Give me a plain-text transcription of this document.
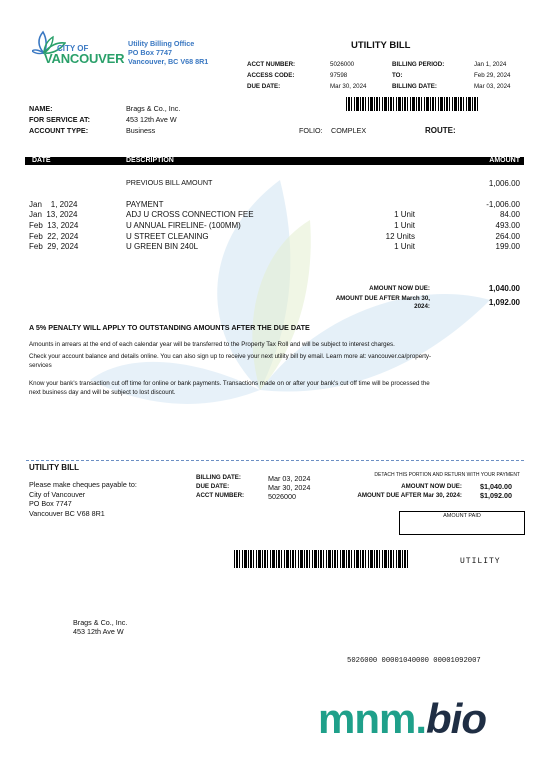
CITY OF
VANCOUVER
Utility Billing Office
PO Box 7747
Vancouver, BC V68 8R1
UTILITY BILL
ACCT NUMBER:	5026000
ACCESS CODE:	97598
DUE DATE:	Mar 30, 2024
BILLING PERIOD:	Jan 1, 2024
TO:	Feb 29, 2024
BILLING DATE:	Mar 03, 2024
NAME:	Brags & Co., Inc.
FOR SERVICE AT:	453 12th Ave W
ACCOUNT TYPE:	Business	FOLIO: COMPLEX	ROUTE:
DATE	DESCRIPTION	AMOUNT
PREVIOUS BILL AMOUNT	1,006.00
Jan    1, 2024	PAYMENT	-1,006.00
Jan  13, 2024	ADJ U CROSS CONNECTION FEE	1 Unit	84.00
Feb  13, 2024	U ANNUAL FIRELINE- (100MM)	1 Unit	493.00
Feb  22, 2024	U STREET CLEANING	12 Units	264.00
Feb  29, 2024	U GREEN BIN 240L	1 Unit	199.00
AMOUNT NOW DUE:	1,040.00
AMOUNT DUE AFTER March 30,
2024:	1,092.00
A 5% PENALTY WILL APPLY TO OUTSTANDING AMOUNTS AFTER THE DUE DATE
Amounts in arrears at the end of each calendar year will be transferred to the Property Tax Roll and will be subject to interest charges.
Check your account balance and details online. You can also sign up to receive your next utility bill by email. Learn more at: vancouver.ca/property-
services
Know your bank's transaction cut off time for online or bank payments. Transactions made on or after your bank's cut off time will be processed the
next business day and will be subject to lost discount.
UTILITY BILL
Please make cheques payable to:
City of Vancouver
PO Box 7747
Vancouver BC V68 8R1
BILLING DATE:	Mar 03, 2024
DUE DATE:	Mar 30, 2024
ACCT NUMBER:	5026000
DETACH THIS PORTION AND RETURN WITH YOUR PAYMENT
AMOUNT NOW DUE:	$1,040.00
AMOUNT DUE AFTER Mar 30, 2024:	$1,092.00
AMOUNT PAID
UTILITY
Brags & Co., Inc.
453 12th Ave W
5026000 00001040000 00001092007
mnm.bio
